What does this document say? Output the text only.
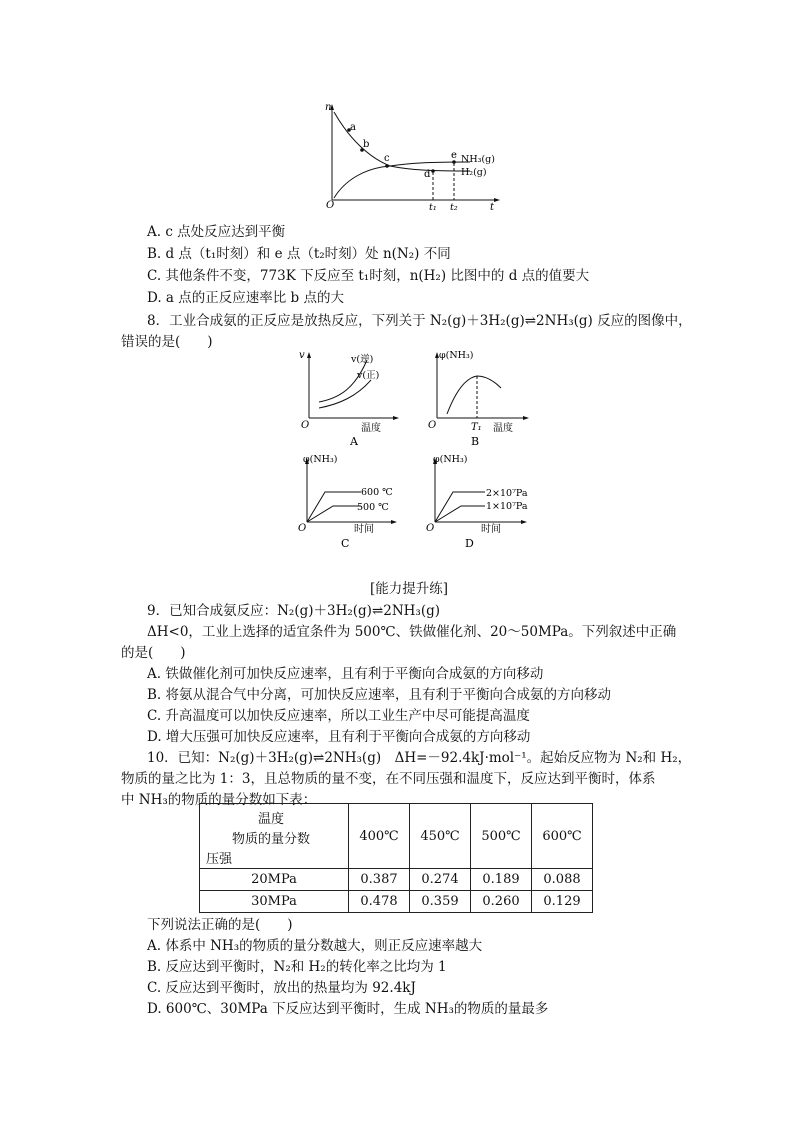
n
a
b
c
d
e NH₃(g)
H₂(g)
O	t₁ t₂	t
A. c 点处反应达到平衡
B. d 点（t₁时刻）和 e 点（t₂时刻）处 n(N₂) 不同
C. 其他条件不变，773K 下反应至 t₁时刻，n(H₂) 比图中的 d 点的值要大
D. a 点的正反应速率比 b 点的大
8．工业合成氨的正反应是放热反应，下列关于 N₂(g)＋3H₂(g)⇌2NH₃(g) 反应的图像中，
错误的是(　　)
v	v(逆)
v(正)
O	温度
A
φ(NH₃)
O	T₁ 温度
B
φ(NH₃)
600 ℃
500 ℃
O	时间
C
φ(NH₃)
2×10⁷Pa
1×10⁷Pa
O	时间
D
[能力提升练]
9．已知合成氨反应：N₂(g)＋3H₂(g)⇌2NH₃(g)
ΔH<0，工业上选择的适宜条件为 500℃、铁做催化剂、20～50MPa。下列叙述中正确
的是(　　)
A. 铁做催化剂可加快反应速率，且有利于平衡向合成氨的方向移动
B. 将氨从混合气中分离，可加快反应速率，且有利于平衡向合成氨的方向移动
C. 升高温度可以加快反应速率，所以工业生产中尽可能提高温度
D. 增大压强可加快反应速率，且有利于平衡向合成氨的方向移动
10．已知：N₂(g)＋3H₂(g)⇌2NH₃(g)　ΔH=－92.4kJ·mol⁻¹。起始反应物为 N₂和 H₂，
物质的量之比为 1：3，且总物质的量不变，在不同压强和温度下，反应达到平衡时，体系
中 NH₃的物质的量分数如下表：
温度
物质的量分数
压强	400℃	450℃	500℃	600℃
20MPa	0.387	0.274	0.189	0.088
30MPa	0.478	0.359	0.260	0.129
下列说法正确的是(　　)
A. 体系中 NH₃的物质的量分数越大，则正反应速率越大
B. 反应达到平衡时，N₂和 H₂的转化率之比均为 1
C. 反应达到平衡时，放出的热量均为 92.4kJ
D. 600℃、30MPa 下反应达到平衡时，生成 NH₃的物质的量最多
